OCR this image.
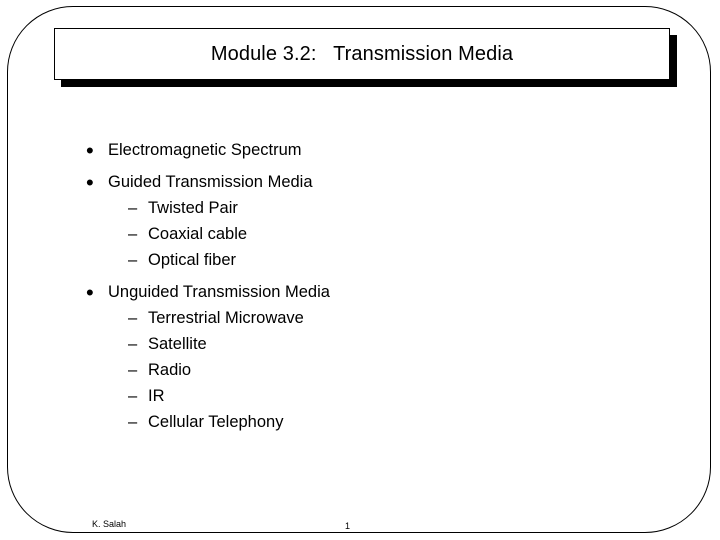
Module 3.2:   Transmission Media
• Electromagnetic Spectrum
• Guided Transmission Media
– Twisted Pair
– Coaxial cable
– Optical fiber
• Unguided Transmission Media
– Terrestrial Microwave
– Satellite
– Radio
– IR
– Cellular Telephony
K. Salah	1
